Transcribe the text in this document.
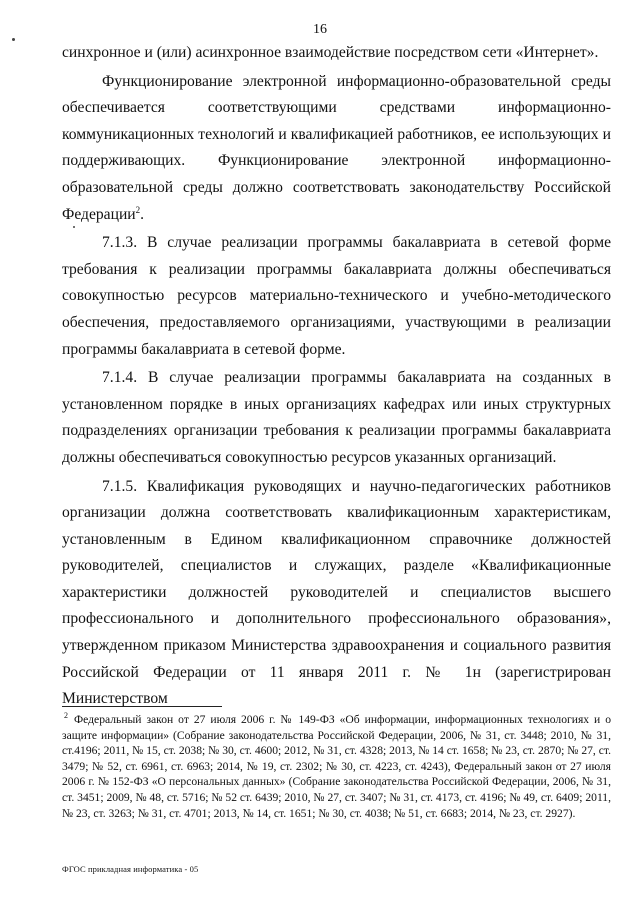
16

синхронное и (или) асинхронное взаимодействие посредством сети «Интернет».

Функционирование электронной информационно-образовательной среды обеспечивается соответствующими средствами информационно-коммуникационных технологий и квалификацией работников, ее использующих и поддерживающих. Функционирование электронной информационно-образовательной среды должно соответствовать законодательству Российской Федерации$^2$.

7.1.3. В случае реализации программы бакалавриата в сетевой форме требования к реализации программы бакалавриата должны обеспечиваться совокупностью ресурсов материально-технического и учебно-методического обеспечения, предоставляемого организациями, участвующими в реализации программы бакалавриата в сетевой форме.

7.1.4. В случае реализации программы бакалавриата на созданных в установленном порядке в иных организациях кафедрах или иных структурных подразделениях организации требования к реализации программы бакалавриата должны обеспечиваться совокупностью ресурсов указанных организаций.

7.1.5. Квалификация руководящих и научно-педагогических работников организации должна соответствовать квалификационным характеристикам, установленным в Едином квалификационном справочнике должностей руководителей, специалистов и служащих, разделе «Квалификационные характеристики должностей руководителей и специалистов высшего профессионального и дополнительного профессионального образования», утвержденном приказом Министерства здравоохранения и социального развития Российской Федерации от 11 января 2011 г. № 1н (зарегистрирован Министерством

$^2$ Федеральный закон от 27 июля 2006 г. № 149-ФЗ «Об информации, информационных технологиях и о защите информации» (Собрание законодательства Российской Федерации, 2006, № 31, ст. 3448; 2010, № 31, ст.4196; 2011, № 15, ст. 2038; № 30, ст. 4600; 2012, № 31, ст. 4328; 2013, № 14 ст. 1658; № 23, ст. 2870; № 27, ст. 3479; № 52, ст. 6961, ст. 6963; 2014, № 19, ст. 2302; № 30, ст. 4223, ст. 4243), Федеральный закон от 27 июля 2006 г. № 152-ФЗ «О персональных данных» (Собрание законодательства Российской Федерации, 2006, № 31, ст. 3451; 2009, № 48, ст. 5716; № 52 ст. 6439; 2010, № 27, ст. 3407; № 31, ст. 4173, ст. 4196; № 49, ст. 6409; 2011, № 23, ст. 3263; № 31, ст. 4701; 2013, № 14, ст. 1651; № 30, ст. 4038; № 51, ст. 6683; 2014, № 23, ст. 2927).
ФГОС прикладная информатика - 05
